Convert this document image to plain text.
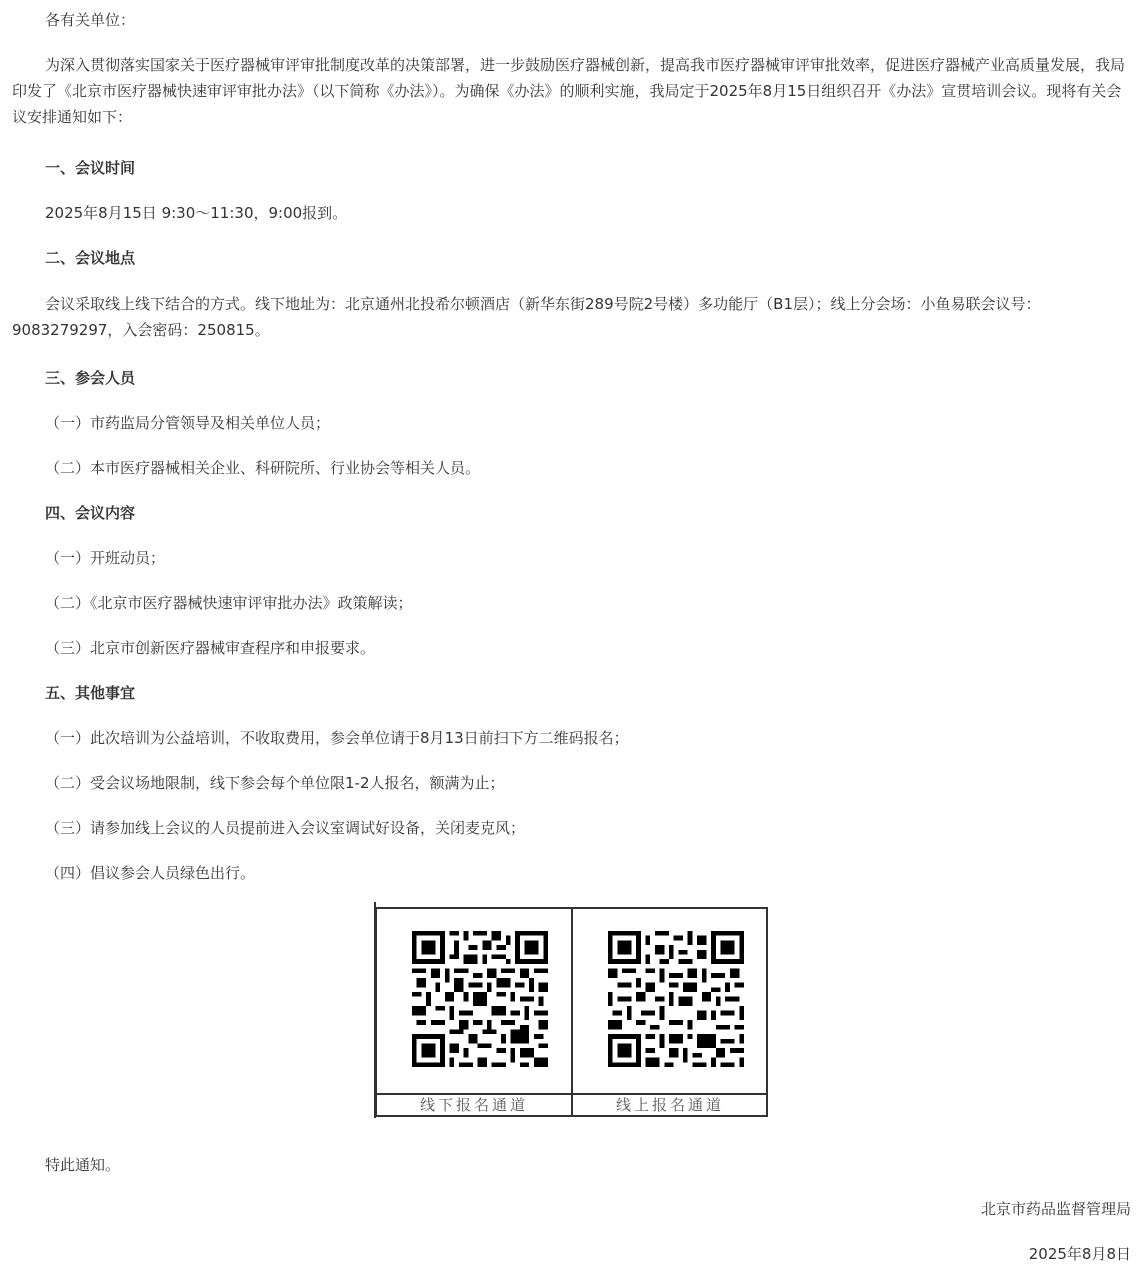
各有关单位：
为深入贯彻落实国家关于医疗器械审评审批制度改革的决策部署，进一步鼓励医疗器械创新，提高我市医疗器械审评审批效率，促进医疗器械产业高质量发展，我局印发了《北京市医疗器械快速审评审批办法》（以下简称《办法》）。为确保《办法》的顺利实施，我局定于2025年8月15日组织召开《办法》宣贯培训会议。现将有关会议安排通知如下：
一、会议时间
2025年8月15日 9:30～11:30，9:00报到。
二、会议地点
会议采取线上线下结合的方式。线下地址为：北京通州北投希尔顿酒店（新华东街289号院2号楼）多功能厅（B1层）；线上分会场：小鱼易联会议号：9083279297，入会密码：250815。
三、参会人员
（一）市药监局分管领导及相关单位人员；
（二）本市医疗器械相关企业、科研院所、行业协会等相关人员。
四、会议内容
（一）开班动员；
（二）《北京市医疗器械快速审评审批办法》政策解读；
（三）北京市创新医疗器械审查程序和申报要求。
五、其他事宜
（一）此次培训为公益培训，不收取费用，参会单位请于8月13日前扫下方二维码报名；
（二）受会议场地限制，线下参会每个单位限1-2人报名，额满为止；
（三）请参加线上会议的人员提前进入会议室调试好设备，关闭麦克风；
（四）倡议参会人员绿色出行。
线下报名通道	线上报名通道
特此通知。
北京市药品监督管理局
2025年8月8日
